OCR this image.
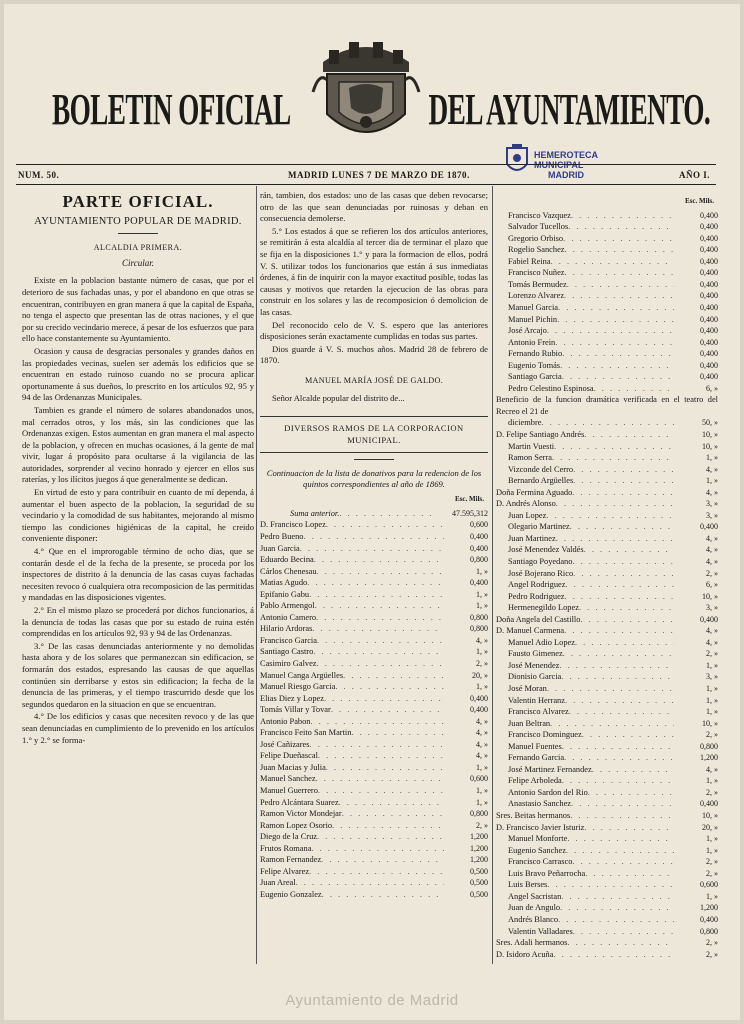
BOLETIN OFICIAL	DEL AYUNTAMIENTO.
HEMEROTECA
MUNICIPAL
MADRID
NUM. 50.	MADRID LUNES 7 DE MARZO DE 1870.	AÑO I.
PARTE OFICIAL.
AYUNTAMIENTO POPULAR DE MADRID.
ALCALDIA PRIMERA.
Circular.

Existe en la poblacion bastante número de casas, que por el deterioro de sus fachadas unas, y por el abandono en que otras se encuentran, contribuyen en gran manera á que la capital de España, no tenga el aspecto que presentan las de otras naciones, y el que por su crecido vecindario merece, á pesar de los esfuerzos que para ello hace constantemente su Ayuntamiento.

Ocasion y causa de desgracias personales y grandes daños en las propiedades vecinas, suelen ser además los edificios que se encuentran en estado ruinoso cuando no se procura aplicar oportunamente á sus dueños, lo prescrito en los artículos 92, 95 y 94 de las Ordenanzas Municipales.

Tambien es grande el número de solares abandonados unos, mal cerrados otros, y los más, sin las condiciones que las Ordenanzas exigen. Estos aumentan en gran manera el mal aspecto de la poblacion, y ofrecen en muchas ocasiones, á la gente de mal vivir, lugar á propósito para ocultarse á la vigilancia de las autoridades, sorprender al vecino honrado y ejercer en ellos sus raterías, y los ilícitos juegos á que generalmente se dedican.

En virtud de esto y para contribuir en cuanto de mí dependa, á aumentar el buen aspecto de la poblacion, la seguridad de su vecindario y la comodidad de sus habitantes, mejorando al mismo tiempo las condiciones higiénicas de la capital, he creido conveniente disponer:

4.° Que en el improrogable término de ocho dias, que se contarán desde el de la fecha de la presente, se proceda por los inspectores de distrito á la denuncia de las casas cuyas fachadas necesiten revoco ó cualquiera otra recomposicion de las permitidas y mandadas en las disposiciones vigentes.

2.° En el mismo plazo se procederá por dichos funcionarios, á la denuncia de todas las casas que por su estado de ruina estén comprendidas en los artículos 92, 93 y 94 de las Ordenanzas.

3.° De las casas denunciadas anteriormente y no demolidas hasta ahora y de los solares que permanezcan sin edificacion, se formarán dos estados, espresando las causas de que aquellas continúen sin derribarse y estos sin edificacion; la fecha de la denuncia de las primeras, y el tiempo trascurrido desde que los segundos quedaron en la situacion en que se encuentran.

4.° De los edificios y casas que necesiten revoco y de las que sean denunciadas en cumplimiento de lo prevenido en los artículos 1.° y 2.° se forma-

rán, tambien, dos estados: uno de las casas que deben revocarse; otro de las que sean denunciadas por ruinosas y deban en consecuencia demolerse.

5.° Los estados á que se refieren los dos artículos anteriores, se remitirán á esta alcaldía al tercer dia de terminar el plazo que se fija en la disposiciones 1.° y para la formacion de ellos, podrá V. S. utilizar todos los funcionarios que están á sus inmediatas órdenes, á fin de inquirir con la mayor exactitud posible, todas las causas y motivos que retarden la ejecucion de las obras para construir en los solares y las de recomposicion ó demolicion de las casas.

Del reconocido celo de V. S. espero que las anteriores disposiciones serán exactamente cumplidas en todas sus partes.

Dios guarde á V. S. muchos años. Madrid 28 de febrero de 1870.

MANUEL MARÍA JOSÉ DE GALDO.
Señor Alcalde popular del distrito de...
DIVERSOS RAMOS DE LA CORPORACION MUNICIPAL.
Continuacion de la lista de donativos para la redencion de los quintos correspondientes al año de 1869.
Esc. Mils.
Suma anterior. . . .	47.595,312
D. Francisco Lopez . . .	0,600
Pedro Bueno . . .	0,400
Juan Garcia . . .	0,400
Eduardo Becina . . .	0,800
Cárlos Chenesau . . .	1, »
Matias Agudo . . .	0,400
Epifanio Gabu . . .	1, »
Pablo Armengol . . .	1, »
Antonio Camero . . .	0,800
Hilario Ardoras . . .	0,800
Francisco Garcia . . .	4, »
Santiago Castro . . .	1, »
Casimiro Galvez . . .	2, »
Manuel Canga Argüelles . . .	20, »
Manuel Riesgo Garcia . . .	1, »
Elias Diez y Lopez . . .	0,400
Tomás Villar y Tovar . . .	0,400
Antonio Pabon . . .	4, »
Francisco Feito San Martin . . .	4, »
José Cañizares . . .	4, »
Felipe Dueñascal . . .	4, »
Juan Macias y Julia . . .	1, »
Manuel Sanchez . . .	0,600
Manuel Guerrero . . .	1, »
Pedro Alcántara Suarez . . .	1, »
Ramon Victor Mondejar . . .	0,800
Ramon Lopez Osorio . . .	2, »
Diego de la Cruz . . .	1,200
Frutos Romana . . .	1,200
Ramon Fernandez . . .	1,200
Felipe Alvarez . . .	0,500
Juan Areal . . .	0,500
Eugenio Gonzalez . . .	0,500
Esc. Mils.
Francisco Vazquez . . .	0,400
Salvador Tucellos . . .	0,400
Gregorio Orbiso . . .	0,400
Rogelio Sanchez . . .	0,400
Fabiel Reina . . .	0,400
Francisco Nuñez . . .	0,400
Tomás Bermudez . . .	0,400
Lorenzo Alvarez . . .	0,400
Manuel Garcia . . .	0,400
Manuel Pichin . . .	0,400
José Arcajo . . .	0,400
Antonio Frein . . .	0,400
Fernando Rubio . . .	0,400
Eugenio Tomás . . .	0,400
Santiago Garcia . . .	0,400
Pedro Celestino Espinosa . . .	6, »
Beneficio de la funcion dramática verificada en el teatro del Recreo el 21 de
diciembre . . .	50, »
D. Felipe Santiago Andrés . . .	10, »
Martin Vuesti . . .	10, »
Ramon Serra . . .	1, »
Vizconde del Cerro . . .	4, »
Bernardo Argüelles . . .	1, »
Doña Fermina Aguado . . .	4, »
D. Andrés Alonso . . .	3, »
Juan Lopez . . .	3, »
Olegario Martinez . . .	0,400
Juan Martinez . . .	4, »
José Menendez Valdés . . .	4, »
Santiago Poyedano . . .	4, »
José Bojerano Rico . . .	2, »
Angel Rodriguez . . .	6, »
Pedro Rodriguez . . .	10, »
Hermenegildo Lopez . . .	3, »
Doña Angela del Castillo . . .	0,400
D. Manuel Carmena . . .	4, »
Manuel Adio Lopez . . .	4, »
Fausto Gimenez . . .	2, »
José Menendez . . .	1, »
Dionisio Garcia . . .	3, »
José Moran . . .	1, »
Valentin Herranz . . .	1, »
Francisco Alvarez . . .	1, »
Juan Beltran . . .	10, »
Francisco Dominguez . . .	2, »
Manuel Fuentes . . .	0,800
Fernando Garcia . . .	1,200
José Martinez Fernandez . . .	4, »
Felipe Arboleda . . .	1, »
Antonio Sardon del Rio . . .	2, »
Anastasio Sanchez . . .	0,400
Sres. Beitas hermanos . . .	10, »
D. Francisco Javier Isturiz . . .	20, »
Manuel Monforte . . .	1, »
Eugenio Sanchez . . .	1, »
Francisco Carrasco . . .	2, »
Luis Bravo Peñarrocha . . .	2, »
Luis Berses . . .	0,600
Angel Sacristan . . .	1, »
Juan de Angulo . . .	1,200
Andrés Blanco . . .	0,400
Valentin Valladares . . .	0,800
Sres. Adali hermanos . . .	2, »
D. Isidoro Acuña . . .	2, »
Ayuntamiento de Madrid
